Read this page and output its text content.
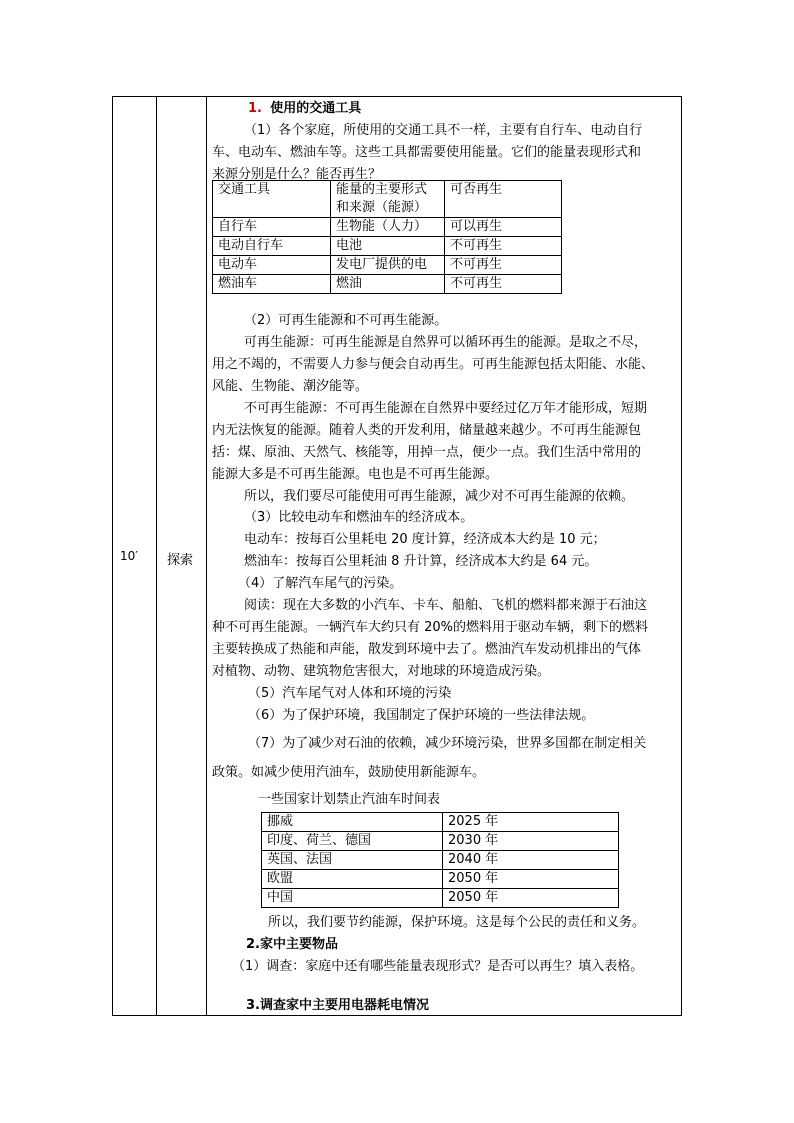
10′ 探索
1. 使用的交通工具
（1）各个家庭，所使用的交通工具不一样，主要有自行车、电动自行
车、电动车、燃油车等。这些工具都需要使用能量。它们的能量表现形式和
来源分别是什么？能否再生？
交通工具	能量的主要形式和来源（能源）	可否再生
自行车	生物能（人力）	可以再生
电动自行车	电池	不可再生
电动车	发电厂提供的电	不可再生
燃油车	燃油	不可再生
（2）可再生能源和不可再生能源。
可再生能源：可再生能源是自然界可以循环再生的能源。是取之不尽，
用之不竭的，不需要人力参与便会自动再生。可再生能源包括太阳能、水能、
风能、生物能、潮汐能等。
不可再生能源：不可再生能源在自然界中要经过亿万年才能形成，短期
内无法恢复的能源。随着人类的开发利用，储量越来越少。不可再生能源包
括：煤、原油、天然气、核能等，用掉一点，便少一点。我们生活中常用的
能源大多是不可再生能源。电也是不可再生能源。
所以，我们要尽可能使用可再生能源，减少对不可再生能源的依赖。
（3）比较电动车和燃油车的经济成本。
电动车：按每百公里耗电 20 度计算，经济成本大约是 10 元；
燃油车：按每百公里耗油 8 升计算，经济成本大约是 64 元。
（4）了解汽车尾气的污染。
阅读：现在大多数的小汽车、卡车、船舶、飞机的燃料都来源于石油这
种不可再生能源。一辆汽车大约只有 20%的燃料用于驱动车辆，剩下的燃料
主要转换成了热能和声能，散发到环境中去了。燃油汽车发动机排出的气体
对植物、动物、建筑物危害很大，对地球的环境造成污染。
（5）汽车尾气对人体和环境的污染
（6）为了保护环境，我国制定了保护环境的一些法律法规。
（7）为了减少对石油的依赖，减少环境污染，世界多国都在制定相关
政策。如减少使用汽油车，鼓励使用新能源车。
一些国家计划禁止汽油车时间表
挪威	2025 年
印度、荷兰、德国	2030 年
英国、法国	2040 年
欧盟	2050 年
中国	2050 年
所以，我们要节约能源，保护环境。这是每个公民的责任和义务。
2.家中主要物品
（1）调查：家庭中还有哪些能量表现形式？是否可以再生？填入表格。
3.调查家中主要用电器耗电情况
